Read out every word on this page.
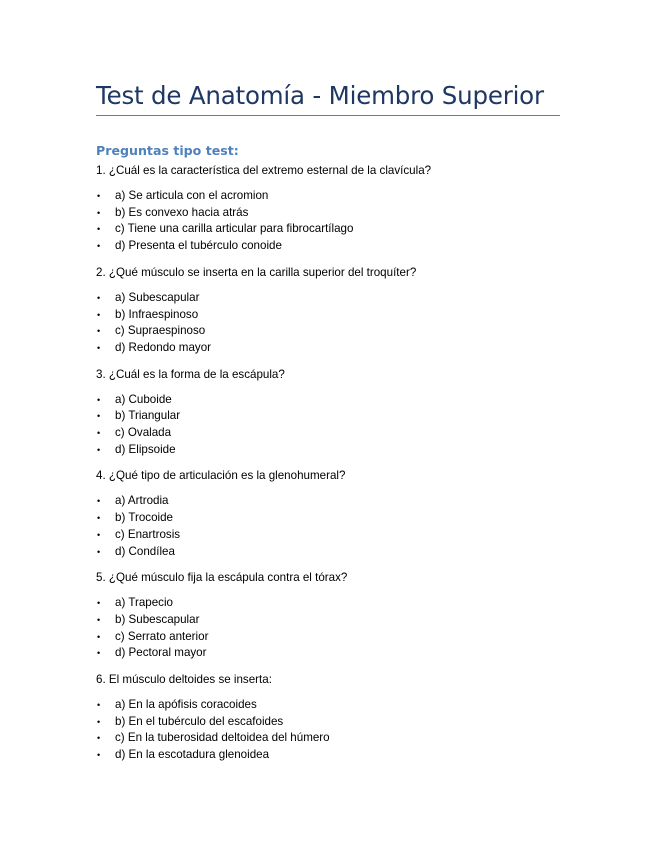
Test de Anatomía - Miembro Superior
Preguntas tipo test:

1. ¿Cuál es la característica del extremo esternal de la clavícula?

• a) Se articula con el acromion
• b) Es convexo hacia atrás
• c) Tiene una carilla articular para fibrocartílago
• d) Presenta el tubérculo conoide

2. ¿Qué músculo se inserta en la carilla superior del troquíter?

• a) Subescapular
• b) Infraespinoso
• c) Supraespinoso
• d) Redondo mayor

3. ¿Cuál es la forma de la escápula?

• a) Cuboide
• b) Triangular
• c) Ovalada
• d) Elipsoide

4. ¿Qué tipo de articulación es la glenohumeral?

• a) Artrodia
• b) Trocoide
• c) Enartrosis
• d) Condílea

5. ¿Qué músculo fija la escápula contra el tórax?

• a) Trapecio
• b) Subescapular
• c) Serrato anterior
• d) Pectoral mayor

6. El músculo deltoides se inserta:

• a) En la apófisis coracoides
• b) En el tubérculo del escafoides
• c) En la tuberosidad deltoidea del húmero
• d) En la escotadura glenoidea
